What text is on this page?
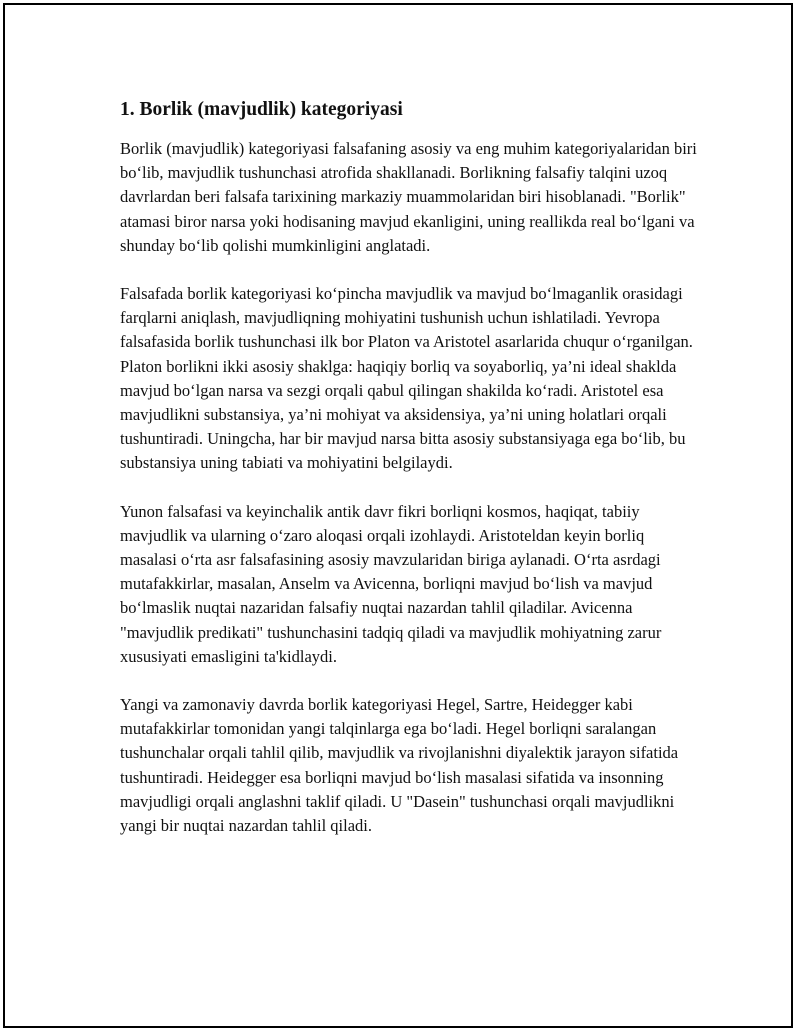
1. Borlik (mavjudlik) kategoriyasi

Borlik (mavjudlik) kategoriyasi falsafaning asosiy va eng muhim kategoriyalaridan biri bo‘lib, mavjudlik tushunchasi atrofida shakllanadi. Borlikning falsafiy talqini uzoq davrlardan beri falsafa tarixining markaziy muammolaridan biri hisoblanadi. "Borlik" atamasi biror narsa yoki hodisaning mavjud ekanligini, uning reallikda real bo‘lgani va shunday bo‘lib qolishi mumkinligini anglatadi.

Falsafada borlik kategoriyasi ko‘pincha mavjudlik va mavjud bo‘lmaganlik orasidagi farqlarni aniqlash, mavjudliqning mohiyatini tushunish uchun ishlatiladi. Yevropa falsafasida borlik tushunchasi ilk bor Platon va Aristotel asarlarida chuqur o‘rganilgan. Platon borlikni ikki asosiy shaklga: haqiqiy borliq va soyaborliq, ya’ni ideal shaklda mavjud bo‘lgan narsa va sezgi orqali qabul qilingan shakilda ko‘radi. Aristotel esa mavjudlikni substansiya, ya’ni mohiyat va aksidensiya, ya’ni uning holatlari orqali tushuntiradi. Uningcha, har bir mavjud narsa bitta asosiy substansiyaga ega bo‘lib, bu substansiya uning tabiati va mohiyatini belgilaydi.

Yunon falsafasi va keyinchalik antik davr fikri borliqni kosmos, haqiqat, tabiiy mavjudlik va ularning o‘zaro aloqasi orqali izohlaydi. Aristoteldan keyin borliq masalasi o‘rta asr falsafasining asosiy mavzularidan biriga aylanadi. O‘rta asrdagi mutafakkirlar, masalan, Anselm va Avicenna, borliqni mavjud bo‘lish va mavjud bo‘lmaslik nuqtai nazaridan falsafiy nuqtai nazardan tahlil qiladilar. Avicenna "mavjudlik predikati" tushunchasini tadqiq qiladi va mavjudlik mohiyatning zarur xususiyati emasligini ta'kidlaydi.

Yangi va zamonaviy davrda borlik kategoriyasi Hegel, Sartre, Heidegger kabi mutafakkirlar tomonidan yangi talqinlarga ega bo‘ladi. Hegel borliqni saralangan tushunchalar orqali tahlil qilib, mavjudlik va rivojlanishni diyalektik jarayon sifatida tushuntiradi. Heidegger esa borliqni mavjud bo‘lish masalasi sifatida va insonning mavjudligi orqali anglashni taklif qiladi. U "Dasein" tushunchasi orqali mavjudlikni yangi bir nuqtai nazardan tahlil qiladi.
